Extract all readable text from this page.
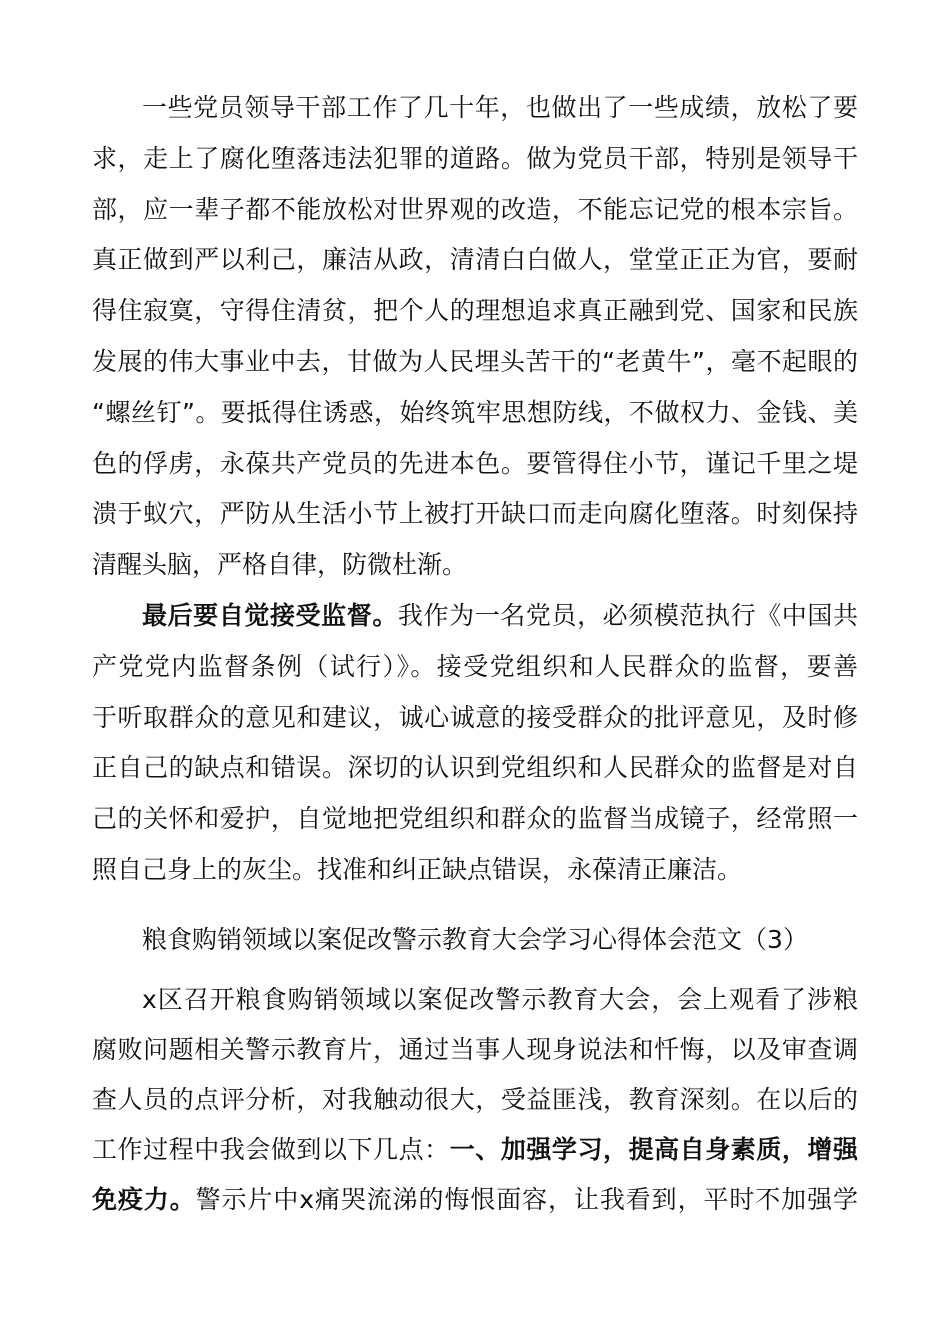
一些党员领导干部工作了几十年，也做出了一些成绩，放松了要
求，走上了腐化堕落违法犯罪的道路。做为党员干部，特别是领导干
部，应一辈子都不能放松对世界观的改造，不能忘记党的根本宗旨。
真正做到严以利己，廉洁从政，清清白白做人，堂堂正正为官，要耐
得住寂寞，守得住清贫，把个人的理想追求真正融到党、国家和民族
发展的伟大事业中去，甘做为人民埋头苦干的“老黄牛”，毫不起眼的
“螺丝钉”。要抵得住诱惑，始终筑牢思想防线，不做权力、金钱、美
色的俘虏，永葆共产党员的先进本色。要管得住小节，谨记千里之堤
溃于蚁穴，严防从生活小节上被打开缺口而走向腐化堕落。时刻保持
清醒头脑，严格自律，防微杜渐。
最后要自觉接受监督。我作为一名党员，必须模范执行《中国共
产党党内监督条例（试行）》。接受党组织和人民群众的监督，要善
于听取群众的意见和建议，诚心诚意的接受群众的批评意见，及时修
正自己的缺点和错误。深切的认识到党组织和人民群众的监督是对自
己的关怀和爱护，自觉地把党组织和群众的监督当成镜子，经常照一
照自己身上的灰尘。找准和纠正缺点错误，永葆清正廉洁。
粮食购销领域以案促改警示教育大会学习心得体会范文（3）
x区召开粮食购销领域以案促改警示教育大会，会上观看了涉粮
腐败问题相关警示教育片，通过当事人现身说法和忏悔，以及审查调
查人员的点评分析，对我触动很大，受益匪浅，教育深刻。在以后的
工作过程中我会做到以下几点：一、加强学习，提高自身素质，增强
免疫力。警示片中x痛哭流涕的悔恨面容，让我看到，平时不加强学
